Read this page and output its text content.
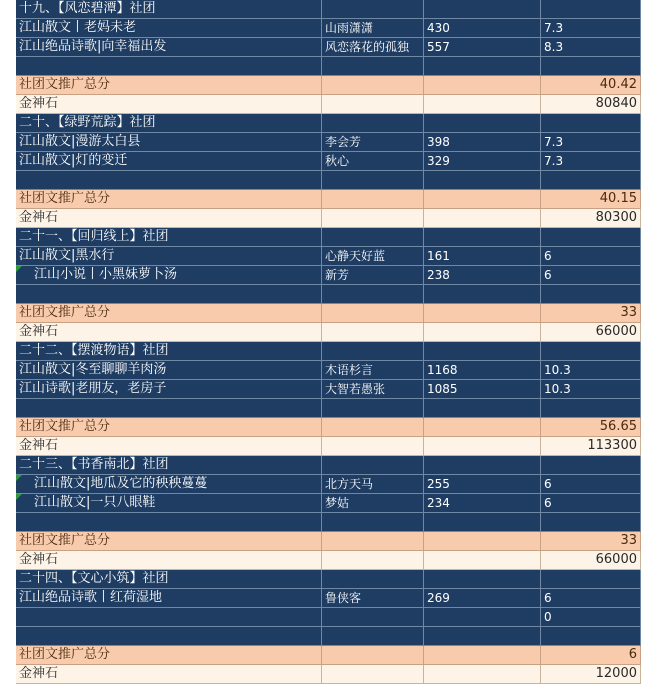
十九、【风恋碧潭】社团
江山散文丨老妈未老	山雨潇潇	430	7.3
江山绝品诗歌|向幸福出发	风恋落花的孤独	557	8.3
社团文推广总分	40.42
金神石	80840
二十、【绿野荒踪】社团
江山散文|漫游太白县	李会芳	398	7.3
江山散文|灯的变迁	秋心	329	7.3
社团文推广总分	40.15
金神石	80300
二十一、【回归线上】社团
江山散文|黑水行	心静天好蓝	161	6
江山小说丨小黑妹萝卜汤	新芳	238	6
社团文推广总分	33
金神石	66000
二十二、【摆渡物语】社团
江山散文|冬至聊聊羊肉汤	木语杉言	1168	10.3
江山诗歌|老朋友，老房子	大智若愚张	1085	10.3
社团文推广总分	56.65
金神石	113300
二十三、【书香南北】社团
江山散文|地瓜及它的秧秧蔓蔓	北方天马	255	6
江山散文|一只八眼鞋	梦姑	234	6
社团文推广总分	33
金神石	66000
二十四、【文心小筑】社团
江山绝品诗歌丨红荷湿地	鲁侠客	269	6
0
社团文推广总分	6
金神石	12000
